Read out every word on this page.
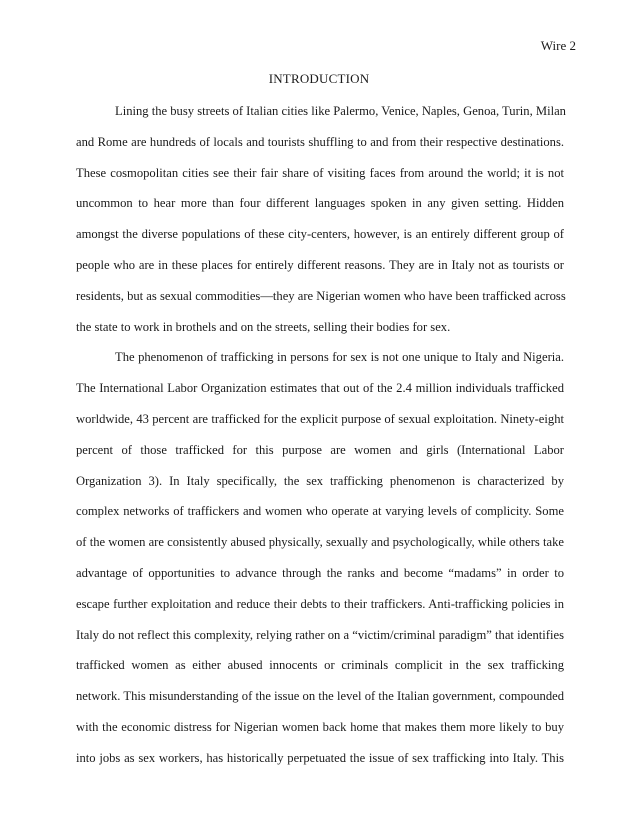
Wire 2
INTRODUCTION
Lining the busy streets of Italian cities like Palermo, Venice, Naples, Genoa, Turin, Milan
and Rome are hundreds of locals and tourists shuffling to and from their respective destinations.
These cosmopolitan cities see their fair share of visiting faces from around the world; it is not
uncommon to hear more than four different languages spoken in any given setting. Hidden
amongst the diverse populations of these city-centers, however, is an entirely different group of
people who are in these places for entirely different reasons. They are in Italy not as tourists or
residents, but as sexual commodities—they are Nigerian women who have been trafficked across
the state to work in brothels and on the streets, selling their bodies for sex.
The phenomenon of trafficking in persons for sex is not one unique to Italy and Nigeria.
The International Labor Organization estimates that out of the 2.4 million individuals trafficked
worldwide, 43 percent are trafficked for the explicit purpose of sexual exploitation. Ninety-eight
percent of those trafficked for this purpose are women and girls (International Labor
Organization 3). In Italy specifically, the sex trafficking phenomenon is characterized by
complex networks of traffickers and women who operate at varying levels of complicity. Some
of the women are consistently abused physically, sexually and psychologically, while others take
advantage of opportunities to advance through the ranks and become “madams” in order to
escape further exploitation and reduce their debts to their traffickers. Anti-trafficking policies in
Italy do not reflect this complexity, relying rather on a “victim/criminal paradigm” that identifies
trafficked women as either abused innocents or criminals complicit in the sex trafficking
network. This misunderstanding of the issue on the level of the Italian government, compounded
with the economic distress for Nigerian women back home that makes them more likely to buy
into jobs as sex workers, has historically perpetuated the issue of sex trafficking into Italy. This
